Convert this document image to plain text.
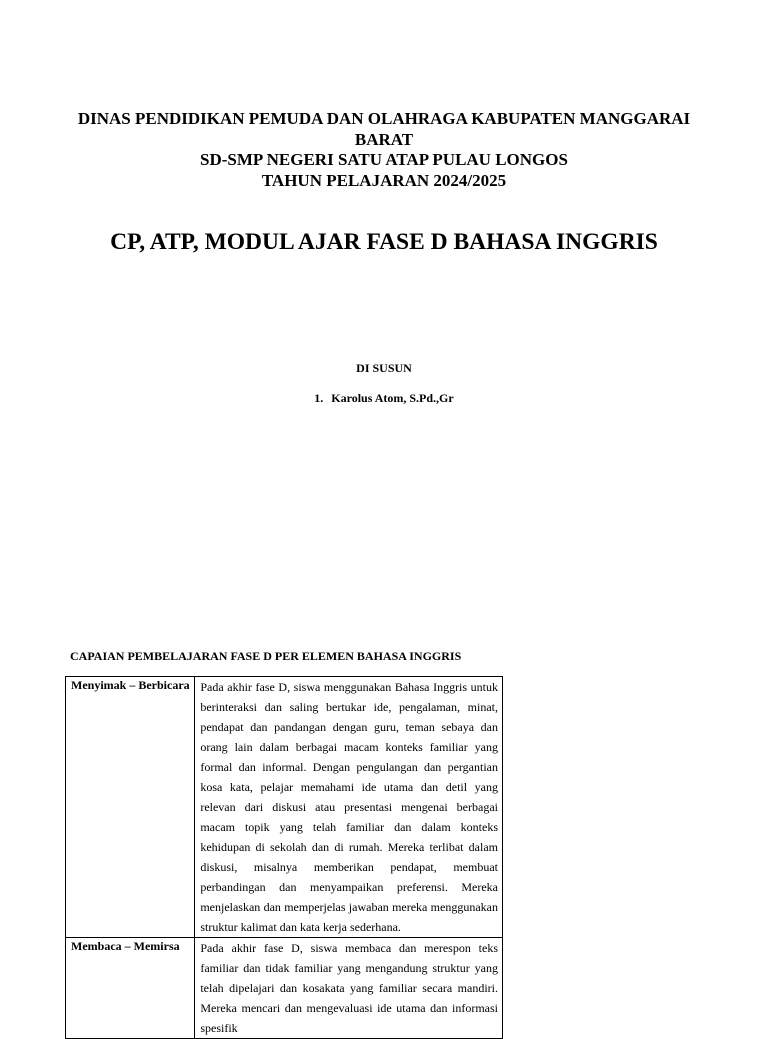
DINAS PENDIDIKAN PEMUDA DAN OLAHRAGA KABUPATEN MANGGARAI
BARAT
SD-SMP NEGERI SATU ATAP PULAU LONGOS
TAHUN PELAJARAN 2024/2025
CP, ATP, MODUL AJAR FASE D BAHASA INGGRIS
DI SUSUN
1. Karolus Atom, S.Pd.,Gr
CAPAIAN PEMBELAJARAN FASE D PER ELEMEN BAHASA INGGRIS
Menyimak – Berbicara	Pada akhir fase D, siswa menggunakan Bahasa Inggris untuk berinteraksi dan saling bertukar ide, pengalaman, minat, pendapat dan pandangan dengan guru, teman sebaya dan orang lain dalam berbagai macam konteks familiar yang formal dan informal. Dengan pengulangan dan pergantian kosa kata, pelajar memahami ide utama dan detil yang relevan dari diskusi atau presentasi mengenai berbagai macam topik yang telah familiar dan dalam konteks kehidupan di sekolah dan di rumah. Mereka terlibat dalam diskusi, misalnya memberikan pendapat, membuat perbandingan dan menyampaikan preferensi. Mereka menjelaskan dan memperjelas jawaban mereka menggunakan struktur kalimat dan kata kerja sederhana.
Membaca – Memirsa	Pada akhir fase D, siswa membaca dan merespon teks familiar dan tidak familiar yang mengandung struktur yang telah dipelajari dan kosakata yang familiar secara mandiri. Mereka mencari dan mengevaluasi ide utama dan informasi spesifik
